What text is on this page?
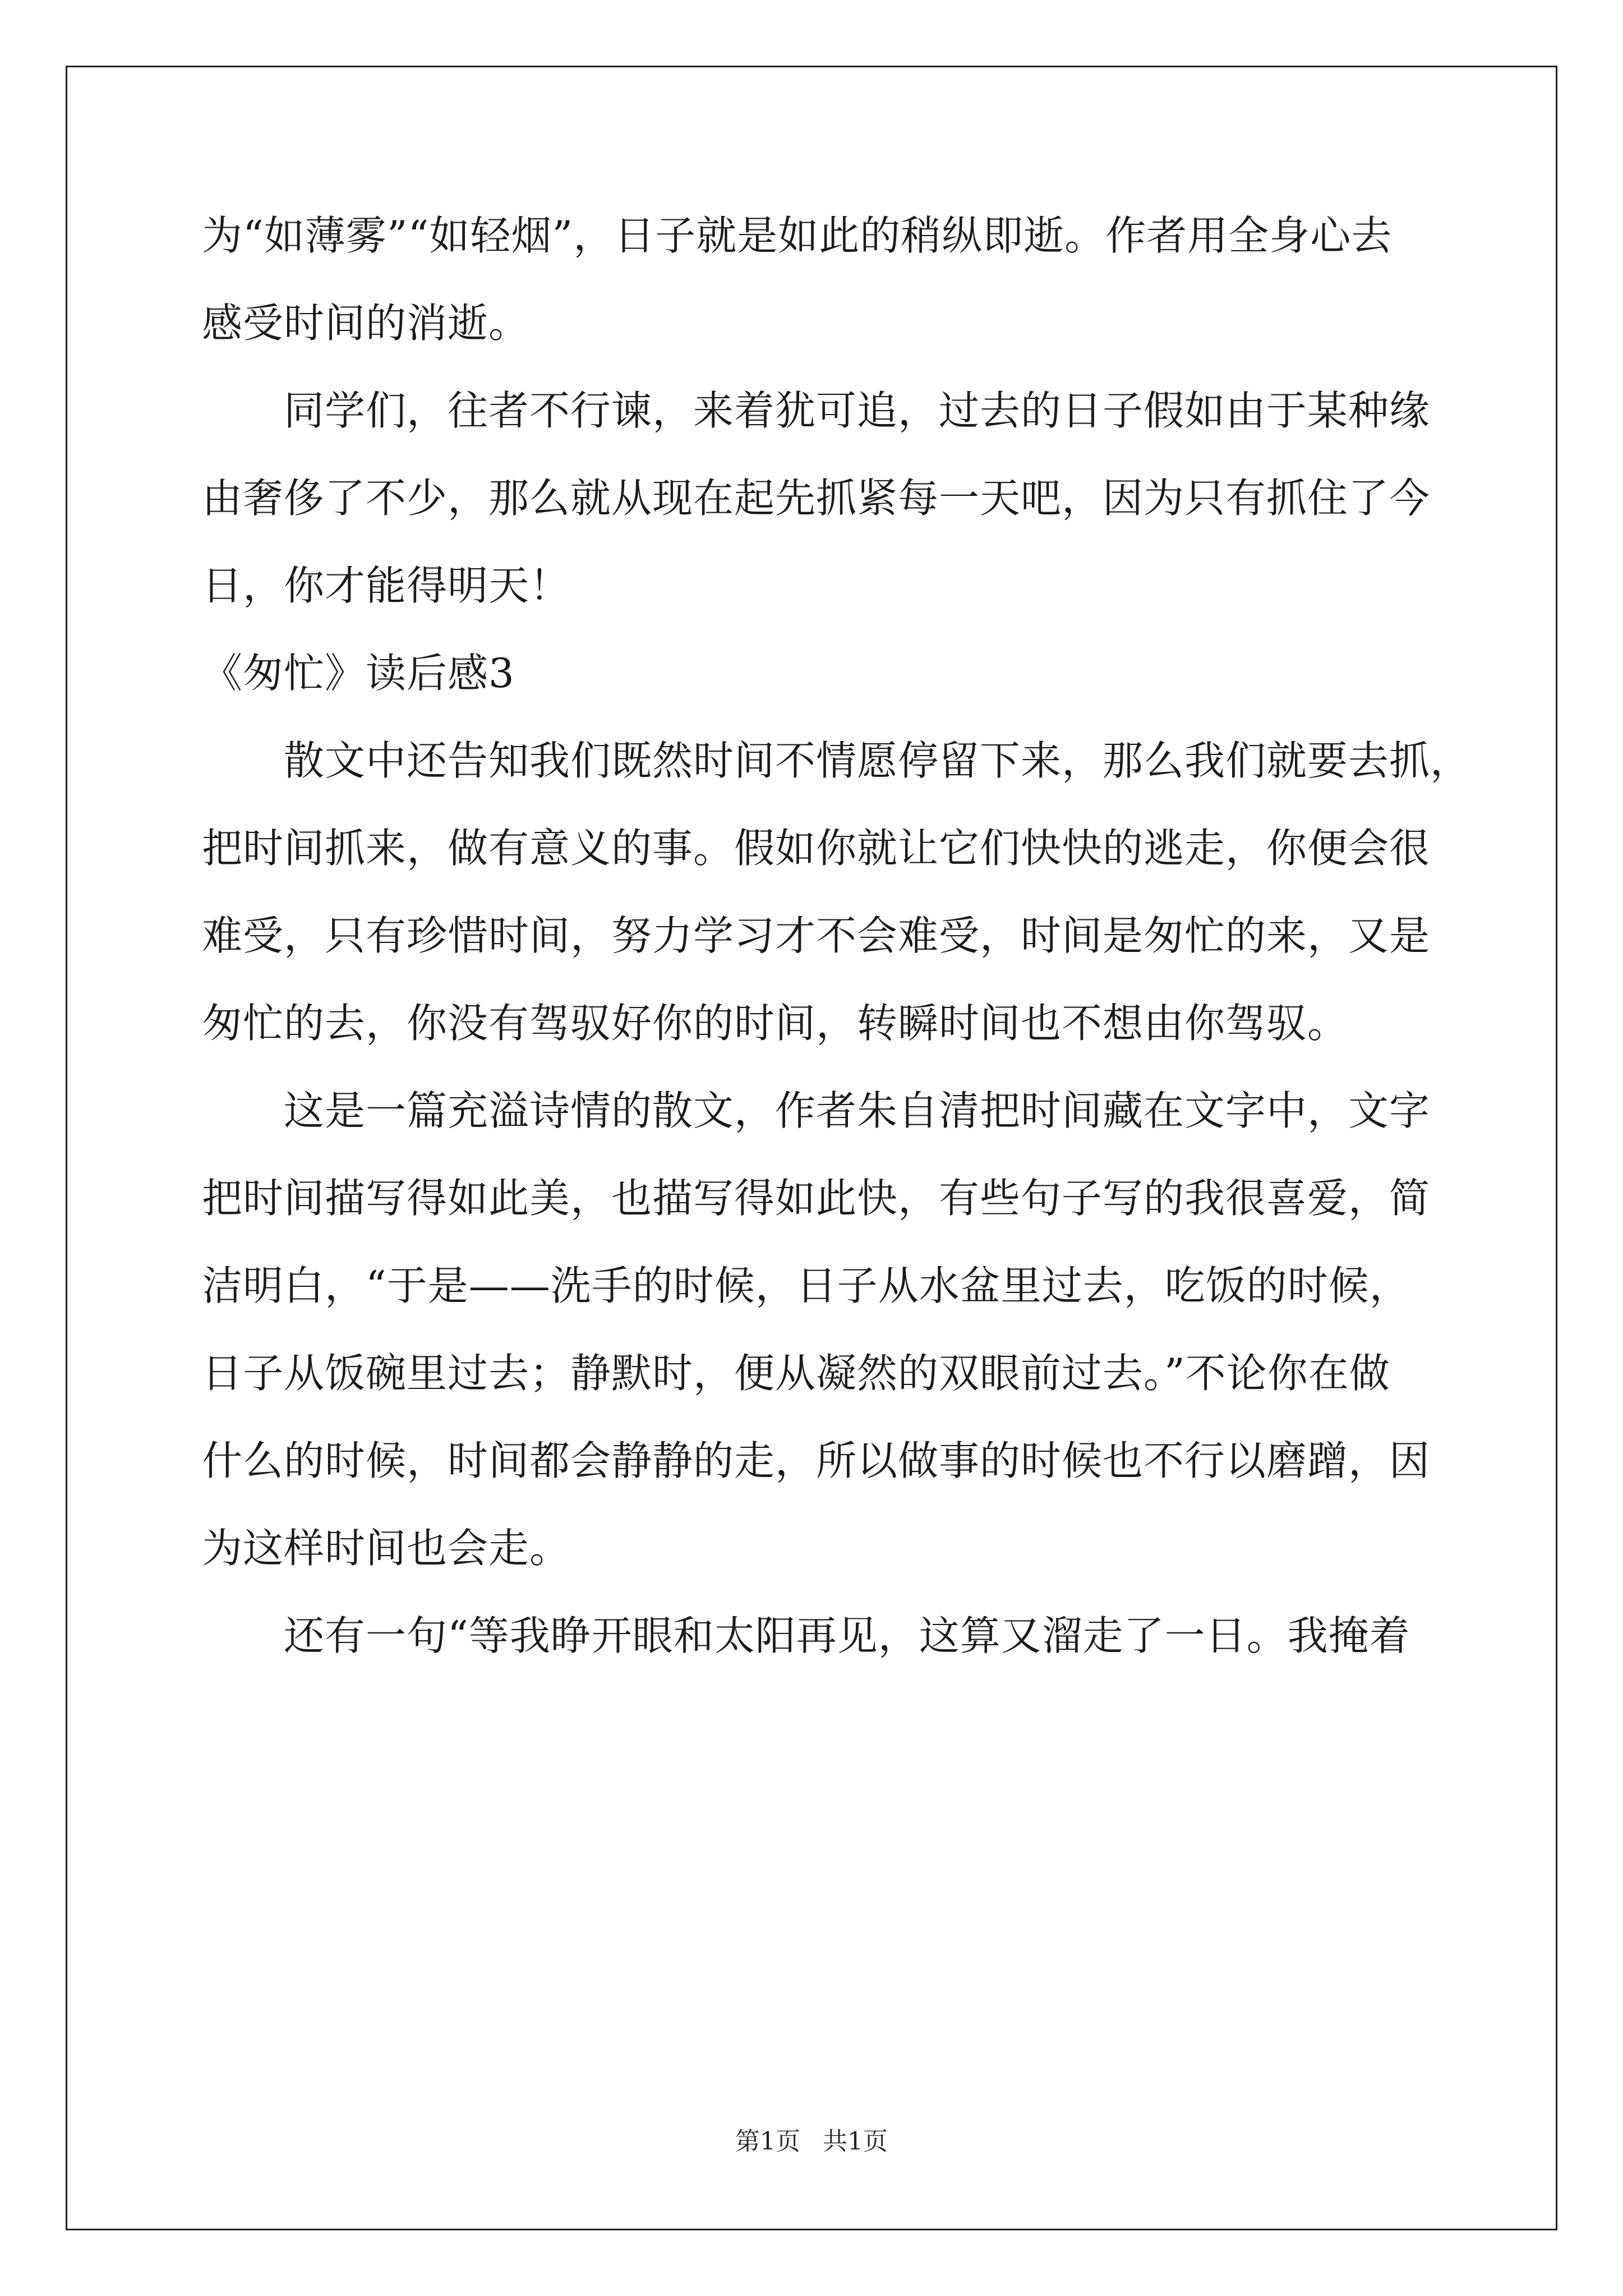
为“如薄雾”“如轻烟”，日子就是如此的稍纵即逝。作者用全身心去

感受时间的消逝。

同学们，往者不行谏，来着犹可追，过去的日子假如由于某种缘

由奢侈了不少，那么就从现在起先抓紧每一天吧，因为只有抓住了今

日，你才能得明天！

《匆忙》读后感3

散文中还告知我们既然时间不情愿停留下来，那么我们就要去抓，

把时间抓来，做有意义的事。假如你就让它们快快的逃走，你便会很

难受，只有珍惜时间，努力学习才不会难受，时间是匆忙的来，又是

匆忙的去，你没有驾驭好你的时间，转瞬时间也不想由你驾驭。

这是一篇充溢诗情的散文，作者朱自清把时间藏在文字中，文字

把时间描写得如此美，也描写得如此快，有些句子写的我很喜爱，简

洁明白，“于是——洗手的时候，日子从水盆里过去，吃饭的时候，

日子从饭碗里过去；静默时，便从凝然的双眼前过去。”不论你在做

什么的时候，时间都会静静的走，所以做事的时候也不行以磨蹭，因

为这样时间也会走。

还有一句“等我睁开眼和太阳再见，这算又溜走了一日。我掩着

第1页 共1页
